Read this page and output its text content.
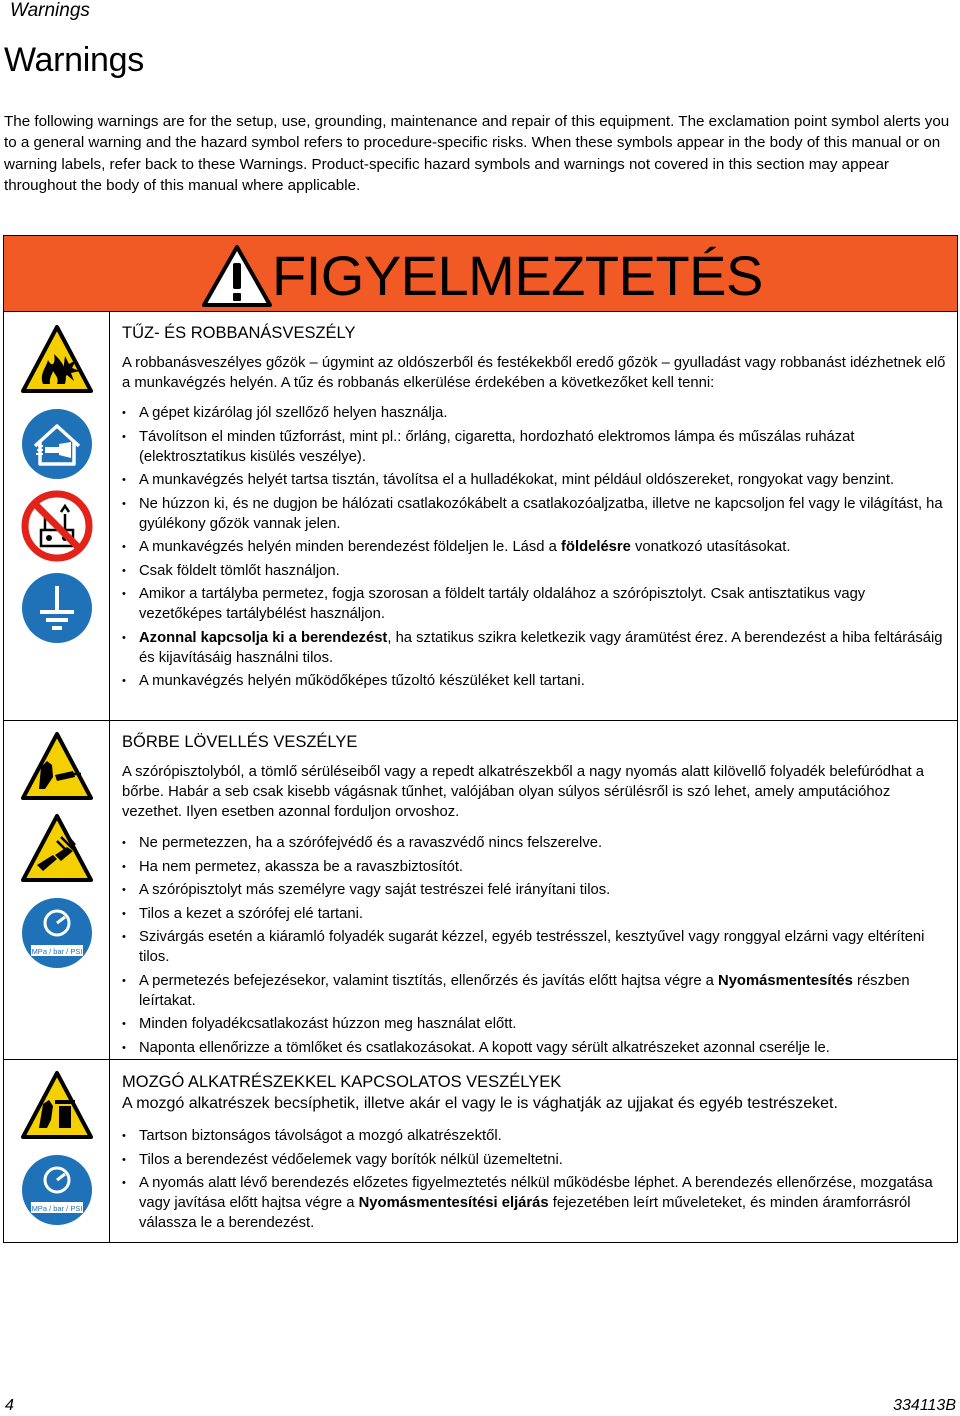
Warnings
Warnings
The following warnings are for the setup, use, grounding, maintenance and repair of this equipment. The exclamation point symbol alerts you to a general warning and the hazard symbol refers to procedure-specific risks. When these symbols appear in the body of this manual or on warning labels, refer back to these Warnings. Product-specific hazard symbols and warnings not covered in this section may appear throughout the body of this manual where applicable.
FIGYELMEZTETÉS
TŰZ- ÉS ROBBANÁSVESZÉLY

A robbanásveszélyes gőzök – úgymint az oldószerből és festékekből eredő gőzök – gyulladást vagy robbanást idézhetnek elő a munkavégzés helyén. A tűz és robbanás elkerülése érdekében a következőket kell tenni:

• A gépet kizárólag jól szellőző helyen használja.
• Távolítson el minden tűzforrást, mint pl.: őrláng, cigaretta, hordozható elektromos lámpa és műszálas ruházat (elektrosztatikus kisülés veszélye).
• A munkavégzés helyét tartsa tisztán, távolítsa el a hulladékokat, mint például oldószereket, rongyokat vagy benzint.
• Ne húzzon ki, és ne dugjon be hálózati csatlakozókábelt a csatlakozóaljzatba, illetve ne kapcsoljon fel vagy le világítást, ha gyúlékony gőzök vannak jelen.
• A munkavégzés helyén minden berendezést földeljen le. Lásd a földelésre vonatkozó utasításokat.
• Csak földelt tömlőt használjon.
• Amikor a tartályba permetez, fogja szorosan a földelt tartály oldalához a szórópisztolyt. Csak antisztatikus vagy vezetőképes tartálybélést használjon.
• Azonnal kapcsolja ki a berendezést, ha sztatikus szikra keletkezik vagy áramütést érez. A berendezést a hiba feltárásáig és kijavításáig használni tilos.
• A munkavégzés helyén működőképes tűzoltó készüléket kell tartani.
MPa / bar / PSI
BŐRBE LÖVELLÉS VESZÉLYE

A szórópisztolyból, a tömlő sérüléseiből vagy a repedt alkatrészekből a nagy nyomás alatt kilövellő folyadék belefúródhat a bőrbe. Habár a seb csak kisebb vágásnak tűnhet, valójában olyan súlyos sérülésről is szó lehet, amely amputációhoz vezethet. Ilyen esetben azonnal forduljon orvoshoz.

• Ne permetezzen, ha a szórófejvédő és a ravaszvédő nincs felszerelve.
• Ha nem permetez, akassza be a ravaszbiztosítót.
• A szórópisztolyt más személyre vagy saját testrészei felé irányítani tilos.
• Tilos a kezet a szórófej elé tartani.
• Szivárgás esetén a kiáramló folyadék sugarát kézzel, egyéb testrésszel, kesztyűvel vagy ronggyal elzárni vagy eltéríteni tilos.
• A permetezés befejezésekor, valamint tisztítás, ellenőrzés és javítás előtt hajtsa végre a Nyomásmentesítés részben leírtakat.
• Minden folyadékcsatlakozást húzzon meg használat előtt.
• Naponta ellenőrizze a tömlőket és csatlakozásokat. A kopott vagy sérült alkatrészeket azonnal cserélje le.
MPa / bar / PSI
MOZGÓ ALKATRÉSZEKKEL KAPCSOLATOS VESZÉLYEK

A mozgó alkatrészek becsíphetik, illetve akár el vagy le is vághatják az ujjakat és egyéb testrészeket.

• Tartson biztonságos távolságot a mozgó alkatrészektől.
• Tilos a berendezést védőelemek vagy borítók nélkül üzemeltetni.
• A nyomás alatt lévő berendezés előzetes figyelmeztetés nélkül működésbe léphet. A berendezés ellenőrzése, mozgatása vagy javítása előtt hajtsa végre a Nyomásmentesítési eljárás fejezetében leírt műveleteket, és minden áramforrásról válassza le a berendezést.
4	334113B
